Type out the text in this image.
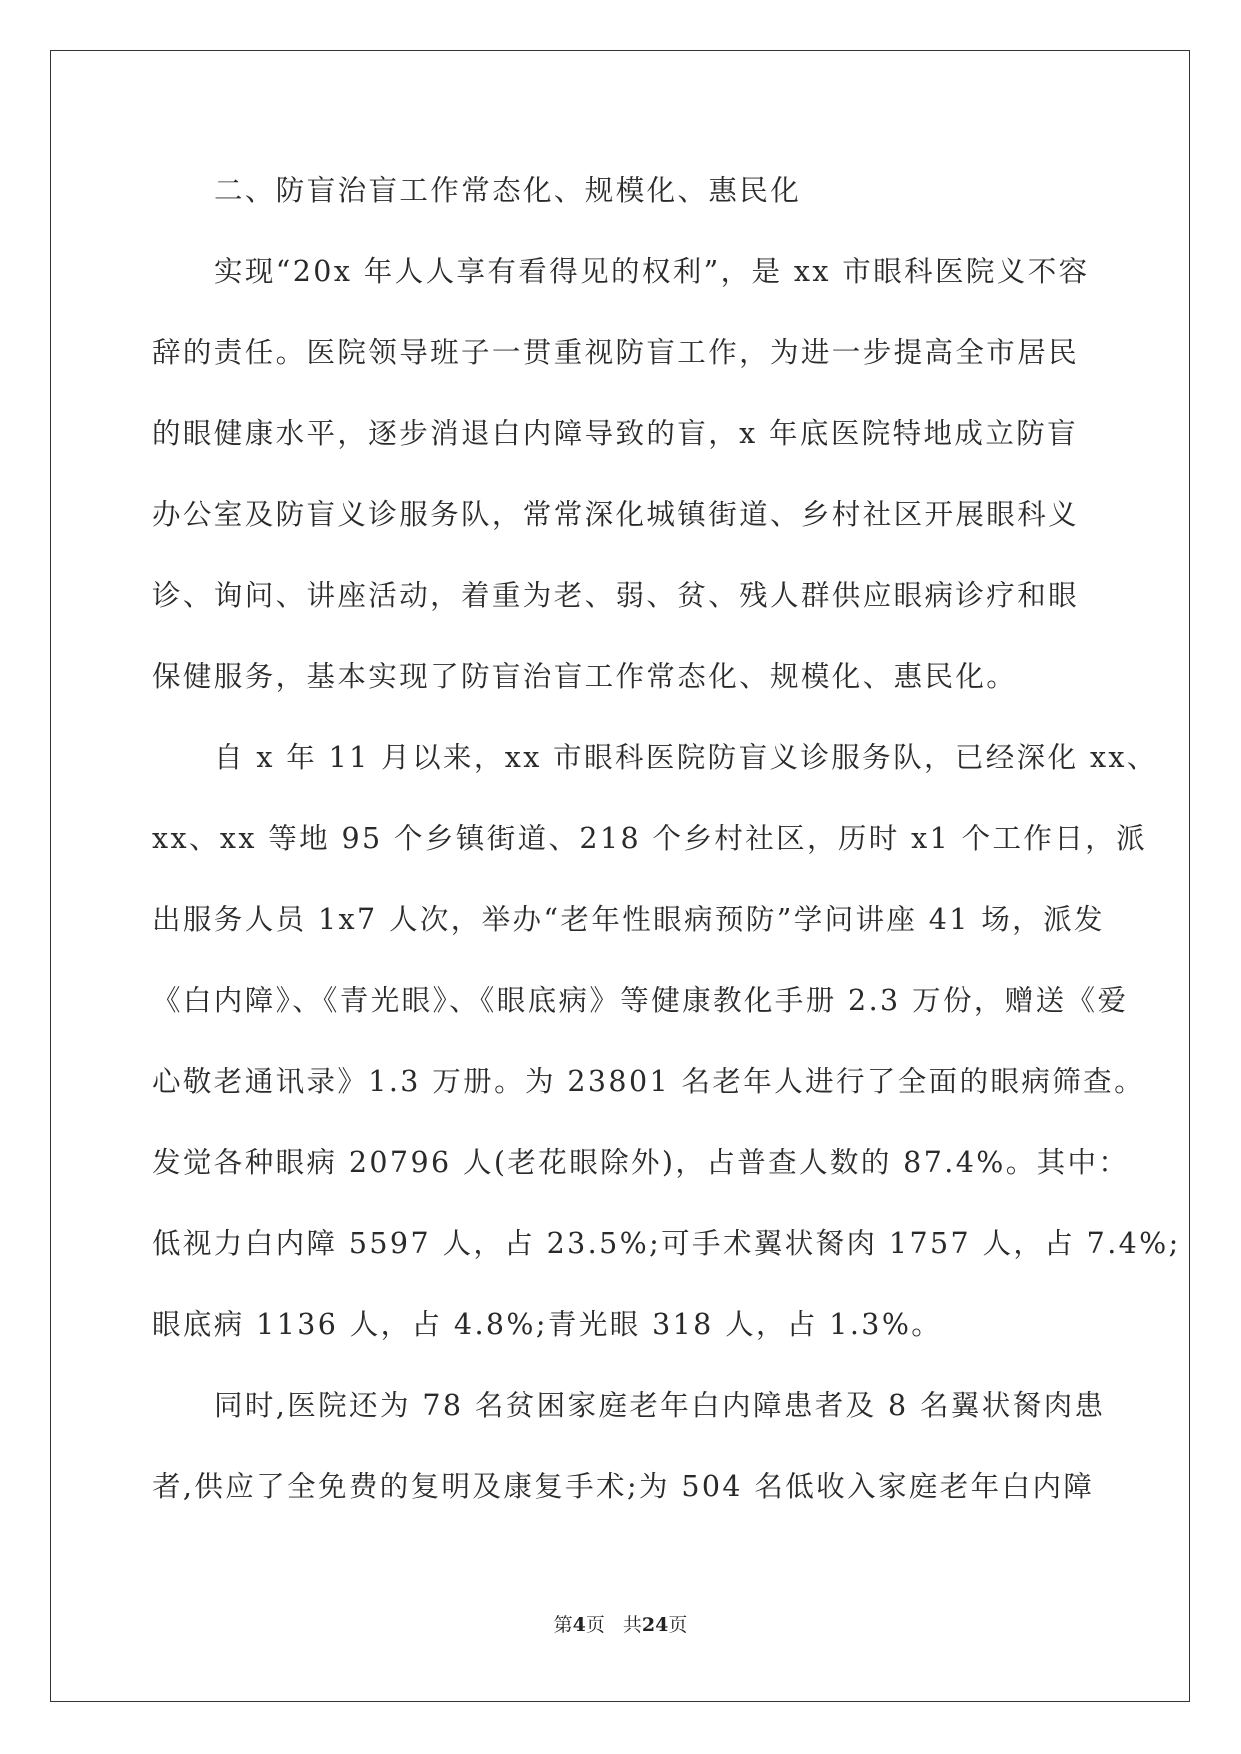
二、防盲治盲工作常态化、规模化、惠民化
实现“20x 年人人享有看得见的权利”，是 xx 市眼科医院义不容
辞的责任。医院领导班子一贯重视防盲工作，为进一步提高全市居民
的眼健康水平，逐步消退白内障导致的盲，x 年底医院特地成立防盲
办公室及防盲义诊服务队，常常深化城镇街道、乡村社区开展眼科义
诊、询问、讲座活动，着重为老、弱、贫、残人群供应眼病诊疗和眼
保健服务，基本实现了防盲治盲工作常态化、规模化、惠民化。
自 x 年 11 月以来，xx 市眼科医院防盲义诊服务队，已经深化 xx、
xx、xx 等地 95 个乡镇街道、218 个乡村社区，历时 x1 个工作日，派
出服务人员 1x7 人次，举办“老年性眼病预防”学问讲座 41 场，派发
《白内障》、《青光眼》、《眼底病》等健康教化手册 2.3 万份，赠送《爱
心敬老通讯录》1.3 万册。为 23801 名老年人进行了全面的眼病筛查。
发觉各种眼病 20796 人(老花眼除外)，占普查人数的 87.4%。其中：
低视力白内障 5597 人，占 23.5%;可手术翼状胬肉 1757 人，占 7.4%;
眼底病 1136 人，占 4.8%;青光眼 318 人，占 1.3%。
同时,医院还为 78 名贫困家庭老年白内障患者及 8 名翼状胬肉患
者,供应了全免费的复明及康复手术;为 504 名低收入家庭老年白内障
第4页 共24页
